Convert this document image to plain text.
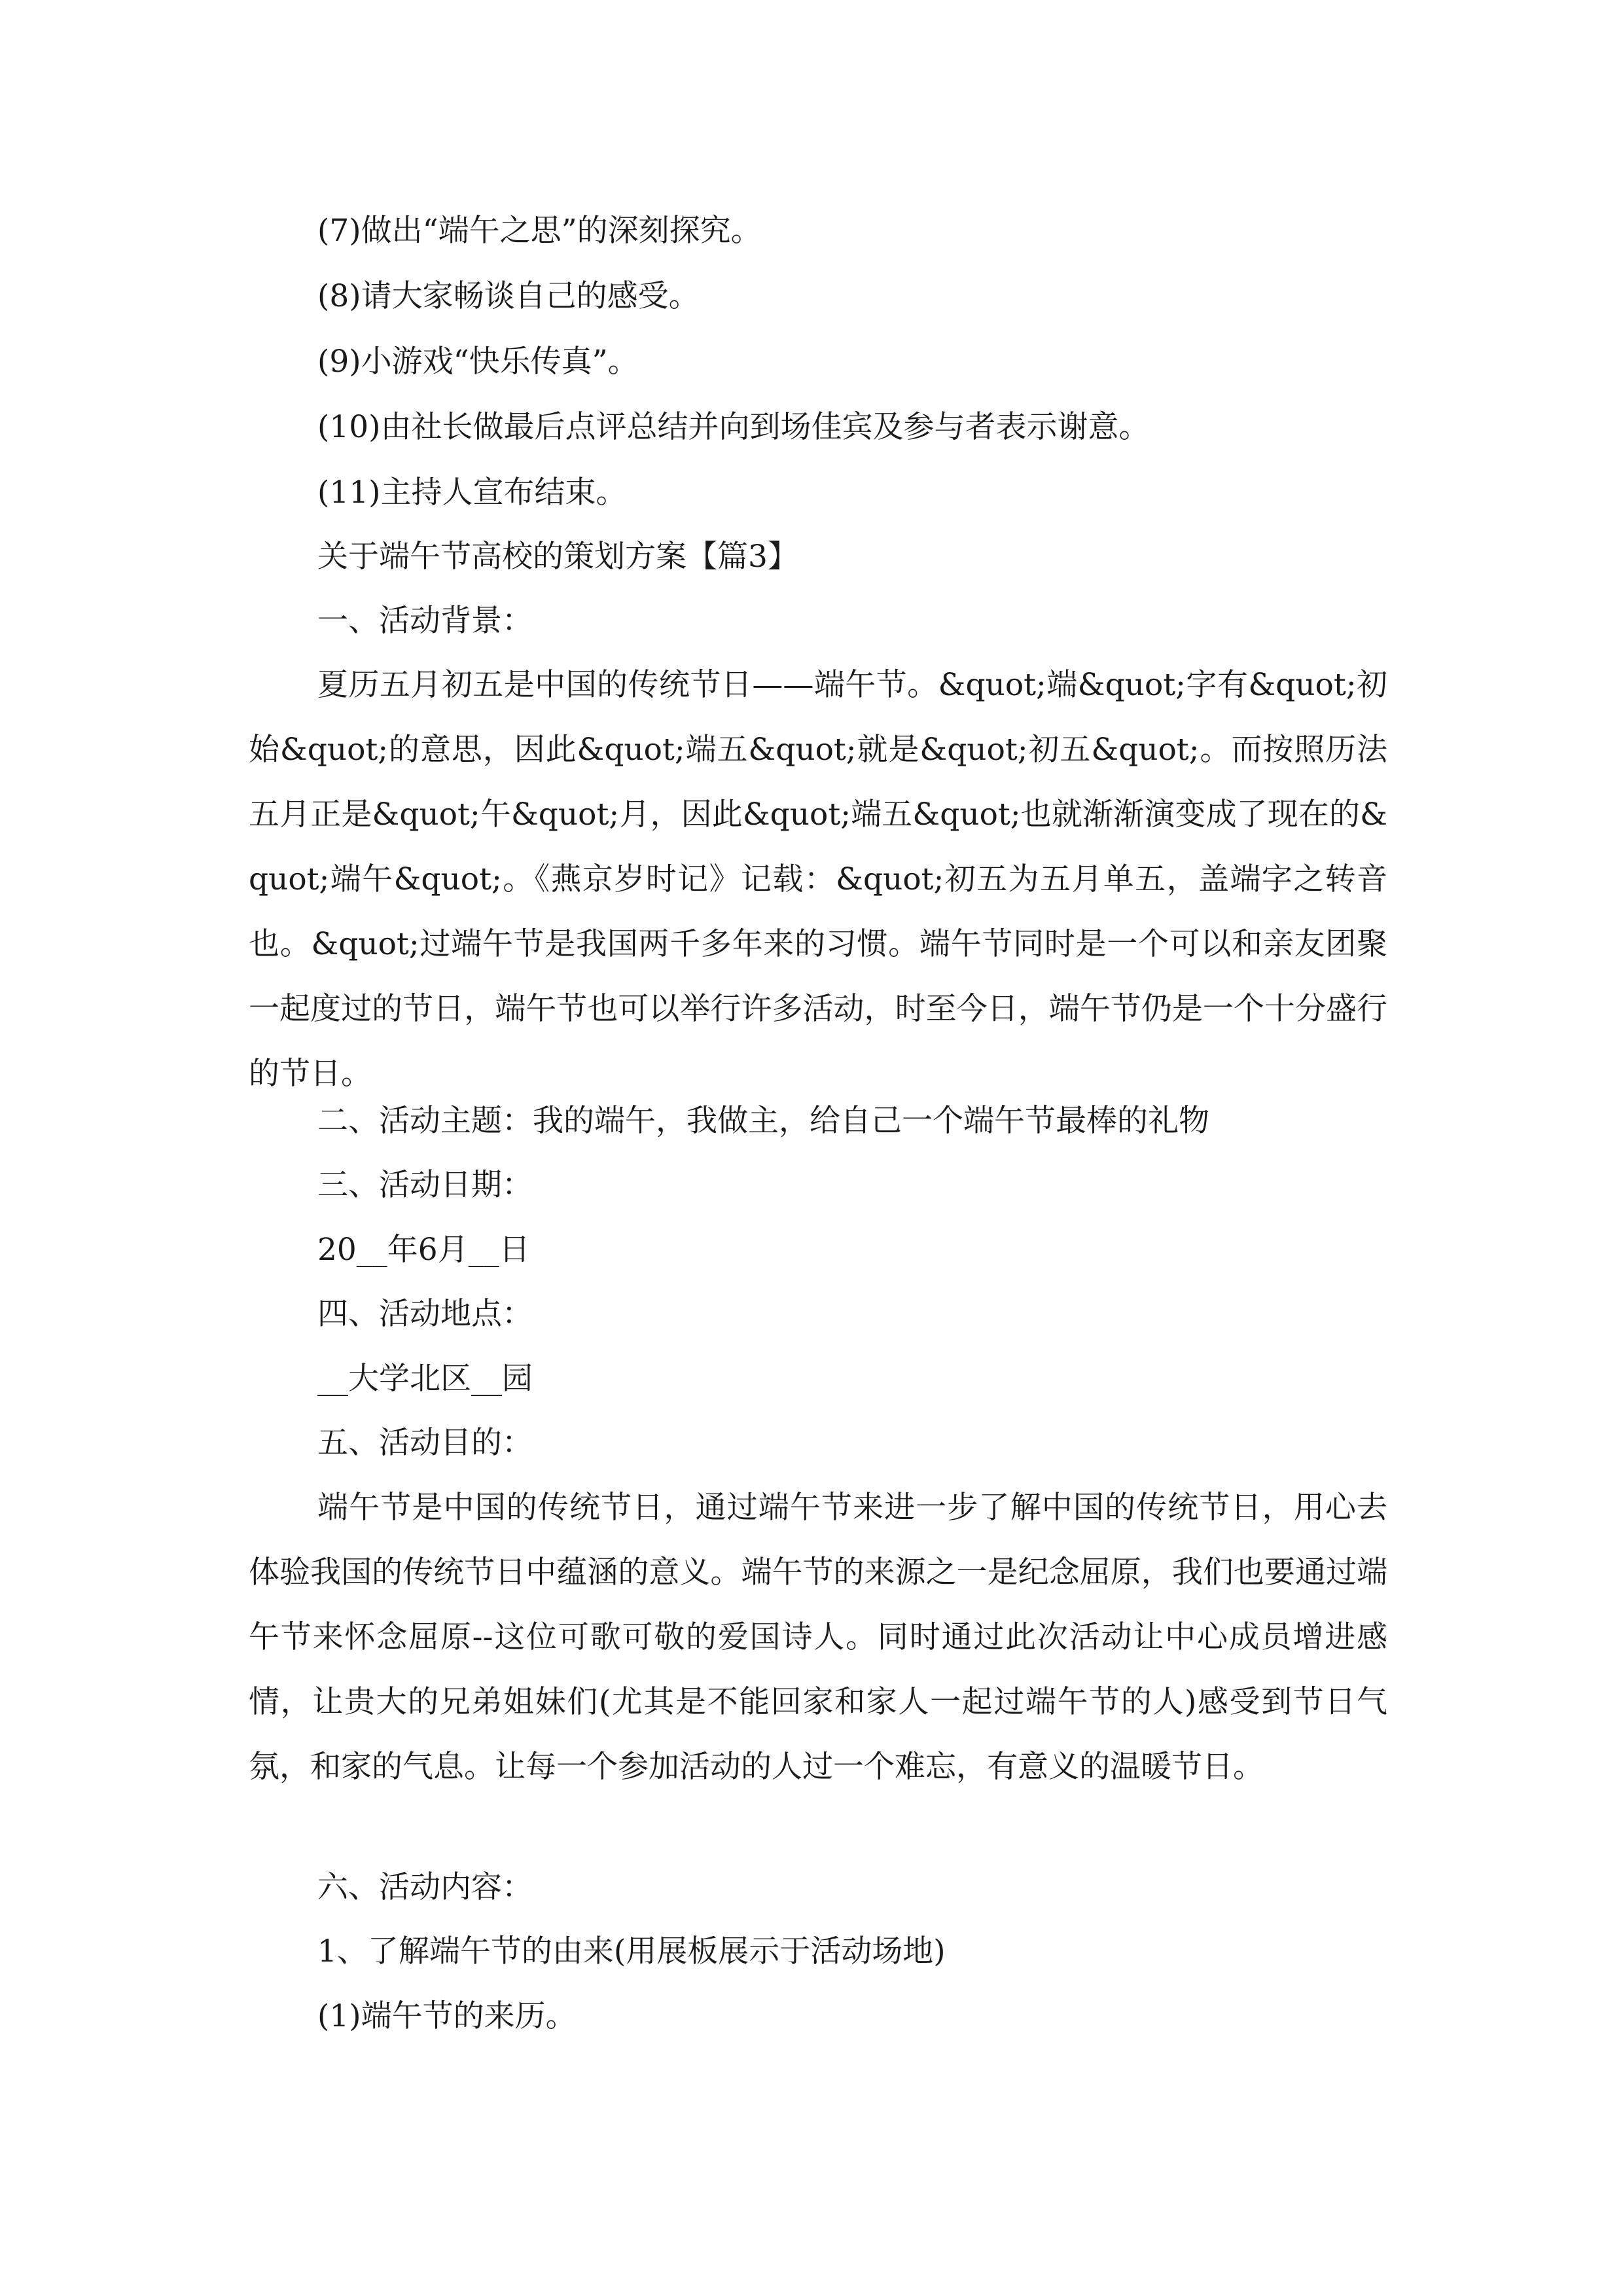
(7)做出“端午之思”的深刻探究。
(8)请大家畅谈自己的感受。
(9)小游戏“快乐传真”。
(10)由社长做最后点评总结并向到场佳宾及参与者表示谢意。
(11)主持人宣布结束。
关于端午节高校的策划方案【篇3】
一、活动背景：
夏历五月初五是中国的传统节日——端午节。&quot;端&quot;字有&quot;初始&quot;的意思，因此&quot;端五&quot;就是&quot;初五&quot;。而按照历法五月正是&quot;午&quot;月，因此&quot;端五&quot;也就渐渐演变成了现在的&quot;端午&quot;。《燕京岁时记》记载：&quot;初五为五月单五，盖端字之转音也。&quot;过端午节是我国两千多年来的习惯。端午节同时是一个可以和亲友团聚一起度过的节日，端午节也可以举行许多活动，时至今日，端午节仍是一个十分盛行的节日。
二、活动主题：我的端午，我做主，给自己一个端午节最棒的礼物
三、活动日期：
20__年6月__日
四、活动地点：
__大学北区__园
五、活动目的：
端午节是中国的传统节日，通过端午节来进一步了解中国的传统节日，用心去体验我国的传统节日中蕴涵的意义。端午节的来源之一是纪念屈原，我们也要通过端午节来怀念屈原--这位可歌可敬的爱国诗人。同时通过此次活动让中心成员增进感情，让贵大的兄弟姐妹们(尤其是不能回家和家人一起过端午节的人)感受到节日气氛，和家的气息。让每一个参加活动的人过一个难忘，有意义的温暖节日。
六、活动内容：
1、了解端午节的由来(用展板展示于活动场地)
(1)端午节的来历。
